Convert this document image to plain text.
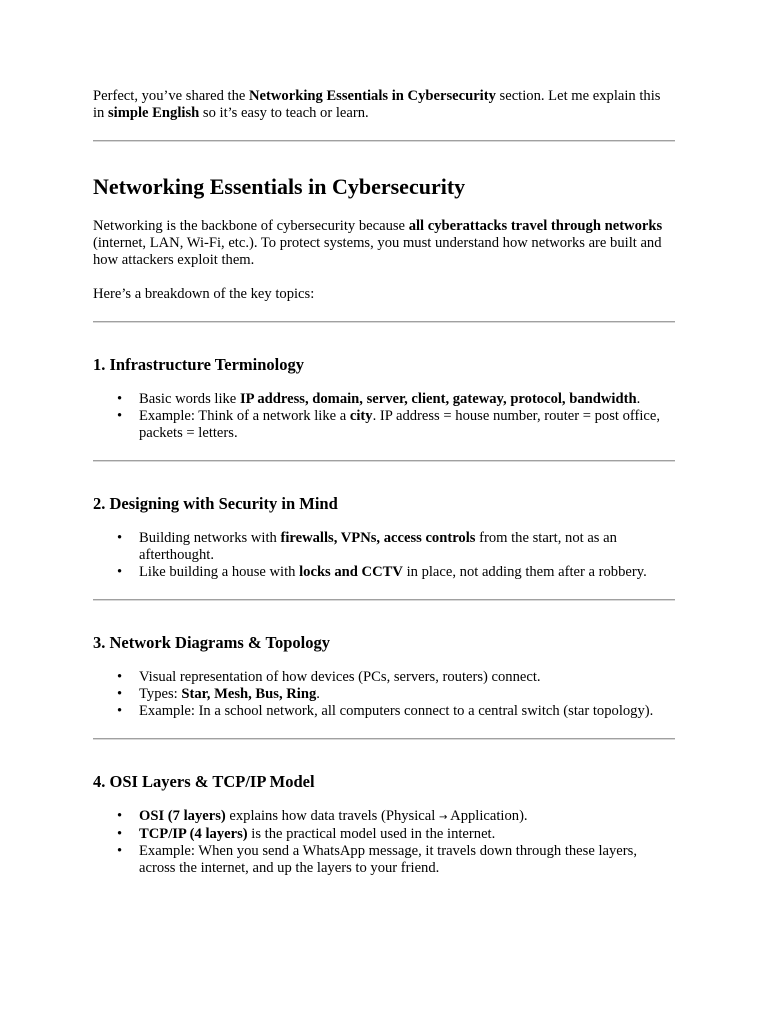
Perfect, you’ve shared the Networking Essentials in Cybersecurity section. Let me explain this in simple English so it’s easy to teach or learn.

Networking Essentials in Cybersecurity

Networking is the backbone of cybersecurity because all cyberattacks travel through networks (internet, LAN, Wi-Fi, etc.). To protect systems, you must understand how networks are built and how attackers exploit them.

Here’s a breakdown of the key topics:

1. Infrastructure Terminology
• Basic words like IP address, domain, server, client, gateway, protocol, bandwidth.
• Example: Think of a network like a city. IP address = house number, router = post office, packets = letters.
2. Designing with Security in Mind
• Building networks with firewalls, VPNs, access controls from the start, not as an afterthought.
• Like building a house with locks and CCTV in place, not adding them after a robbery.
3. Network Diagrams & Topology
• Visual representation of how devices (PCs, servers, routers) connect.
• Types: Star, Mesh, Bus, Ring.
• Example: In a school network, all computers connect to a central switch (star topology).
4. OSI Layers & TCP/IP Model
• OSI (7 layers) explains how data travels (Physical → Application).
• TCP/IP (4 layers) is the practical model used in the internet.
• Example: When you send a WhatsApp message, it travels down through these layers, across the internet, and up the layers to your friend.
